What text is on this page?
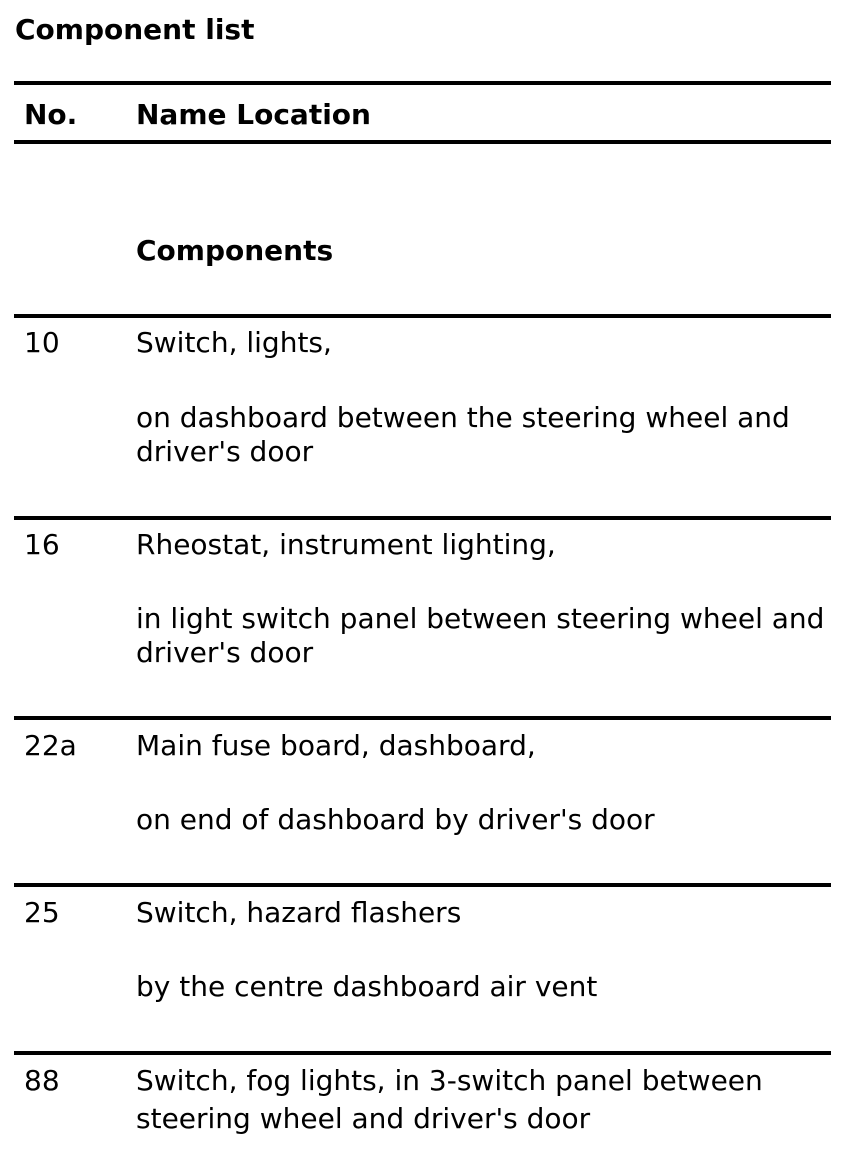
Component list
No. Name Location
Components
10	Switch, lights,
on dashboard between the steering wheel and driver's door
16	Rheostat, instrument lighting,
in light switch panel between steering wheel and driver's door
22a Main fuse board, dashboard,
on end of dashboard by driver's door
25	Switch, hazard flashers
by the centre dashboard air vent
88	Switch, fog lights, in 3-switch panel between steering wheel and driver's door
